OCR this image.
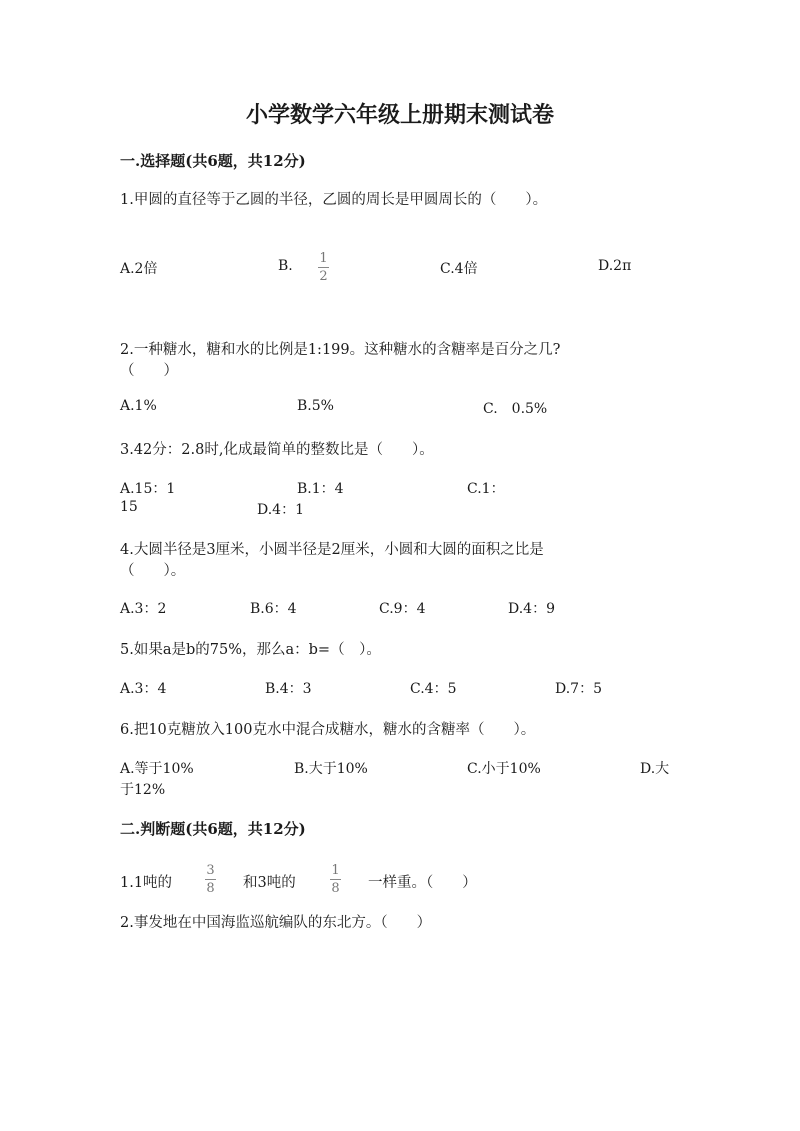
小学数学六年级上册期末测试卷
一.选择题(共6题，共12分)
1.甲圆的直径等于乙圆的半径，乙圆的周长是甲圆周长的（　　）。
A.2倍	B. 1
2	C.4倍	D.2π
2.一种糖水，糖和水的比例是1:199。这种糖水的含糖率是百分之几?
（　　）
A.1%	B.5%	C.　0.5%
3.42分：2.8时,化成最简单的整数比是（　　）。
A.15：1	B.1：4	C.1：
15	D.4：1
4.大圆半径是3厘米，小圆半径是2厘米，小圆和大圆的面积之比是
（　　）。
A.3：2	B.6：4	C.9：4	D.4：9
5.如果a是b的75%，那么a：b=（　）。
A.3：4	B.4：3	C.4：5	D.7：5
6.把10克糖放入100克水中混合成糖水，糖水的含糖率（　　）。
A.等于10%	B.大于10%	C.小于10%	D.大
于12%
二.判断题(共6题，共12分)
1.1吨的
3
8 和3吨的
1
8 一样重。（　　）
2.事发地在中国海监巡航编队的东北方。（　　）
